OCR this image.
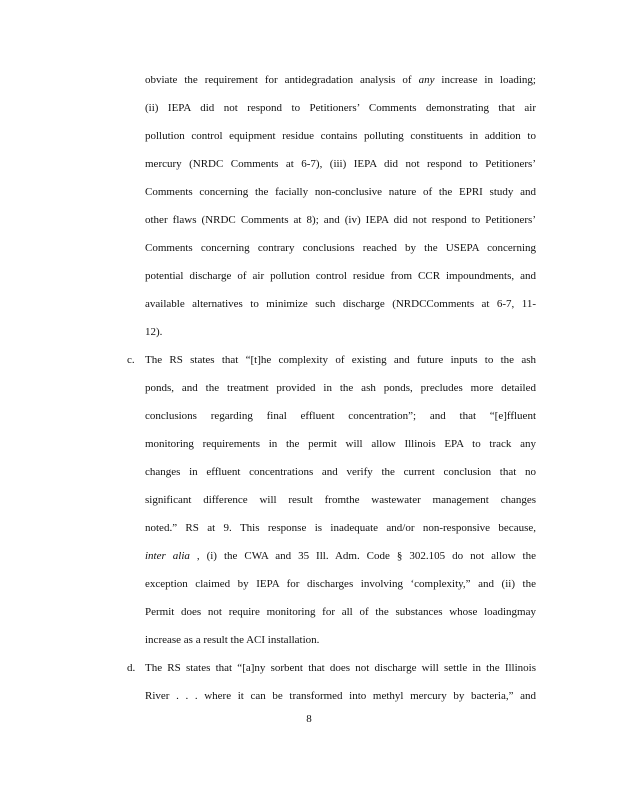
obviate the requirement for antidegradation analysis of any increase in loading;
(ii) IEPA did not respond to Petitioners’ Comments demonstrating that air
pollution control equipment residue contains polluting constituents in addition to
mercury (NRDC Comments at 6-7), (iii) IEPA did not respond to Petitioners’
Comments concerning the facially non-conclusive nature of the EPRI study and
other flaws (NRDC Comments at 8); and (iv) IEPA did not respond to Petitioners’
Comments concerning contrary conclusions reached by the USEPA concerning
potential discharge of air pollution control residue from CCR impoundments, and
available alternatives to minimize such discharge (NRDCComments at 6-7, 11-
12).
c. The RS states that “[t]he complexity of existing and future inputs to the ash
ponds, and the treatment provided in the ash ponds, precludes more detailed
conclusions regarding final effluent concentration”; and that “[e]ffluent
monitoring requirements in the permit will allow Illinois EPA to track any
changes in effluent concentrations and verify the current conclusion that no
significant difference will result fromthe wastewater management changes
noted.” RS at 9. This response is inadequate and/or non-responsive because,
inter alia , (i) the CWA and 35 Ill. Adm. Code § 302.105 do not allow the
exception claimed by IEPA for discharges involving ‘complexity,” and (ii) the
Permit does not require monitoring for all of the substances whose loadingmay
increase as a result the ACI installation.
d. The RS states that “[a]ny sorbent that does not discharge will settle in the Illinois
River . . . where it can be transformed into methyl mercury by bacteria,” and
8
